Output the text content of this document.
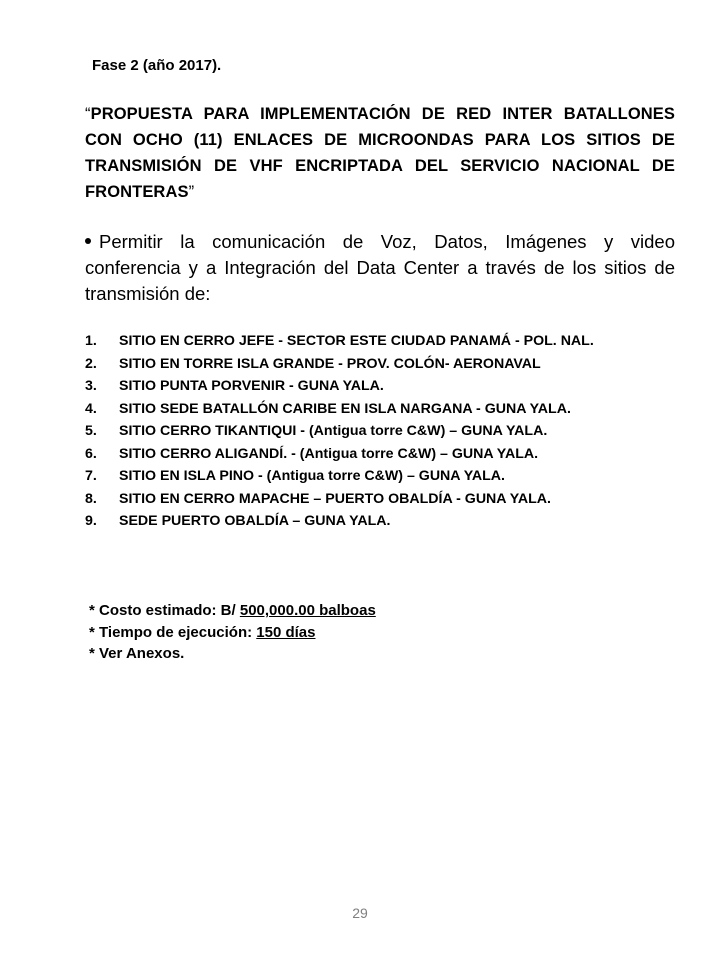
Fase 2 (año 2017).
“PROPUESTA PARA IMPLEMENTACIÓN DE RED INTER BATALLONES CON OCHO (11) ENLACES DE MICROONDAS PARA LOS SITIOS DE TRANSMISIÓN DE VHF ENCRIPTADA DEL SERVICIO NACIONAL DE FRONTERAS”
Permitir la comunicación de Voz, Datos, Imágenes y video conferencia y a Integración del Data Center a través de los sitios de transmisión de:
1. SITIO EN CERRO JEFE - SECTOR ESTE CIUDAD PANAMÁ - POL. NAL.
2. SITIO EN TORRE ISLA GRANDE - PROV. COLÓN- AERONAVAL
3. SITIO PUNTA PORVENIR - GUNA YALA.
4. SITIO SEDE BATALLÓN CARIBE EN ISLA NARGANA - GUNA YALA.
5. SITIO CERRO TIKANTIQUI - (Antigua torre C&W) – GUNA YALA.
6. SITIO CERRO ALIGANDÍ. - (Antigua torre C&W) – GUNA YALA.
7. SITIO EN ISLA PINO - (Antigua torre C&W) – GUNA YALA.
8. SITIO EN CERRO MAPACHE – PUERTO OBALDÍA - GUNA YALA.
9. SEDE PUERTO OBALDÍA – GUNA YALA.
* Costo estimado: B/ 500,000.00 balboas
* Tiempo de ejecución: 150 días
* Ver Anexos.
29
